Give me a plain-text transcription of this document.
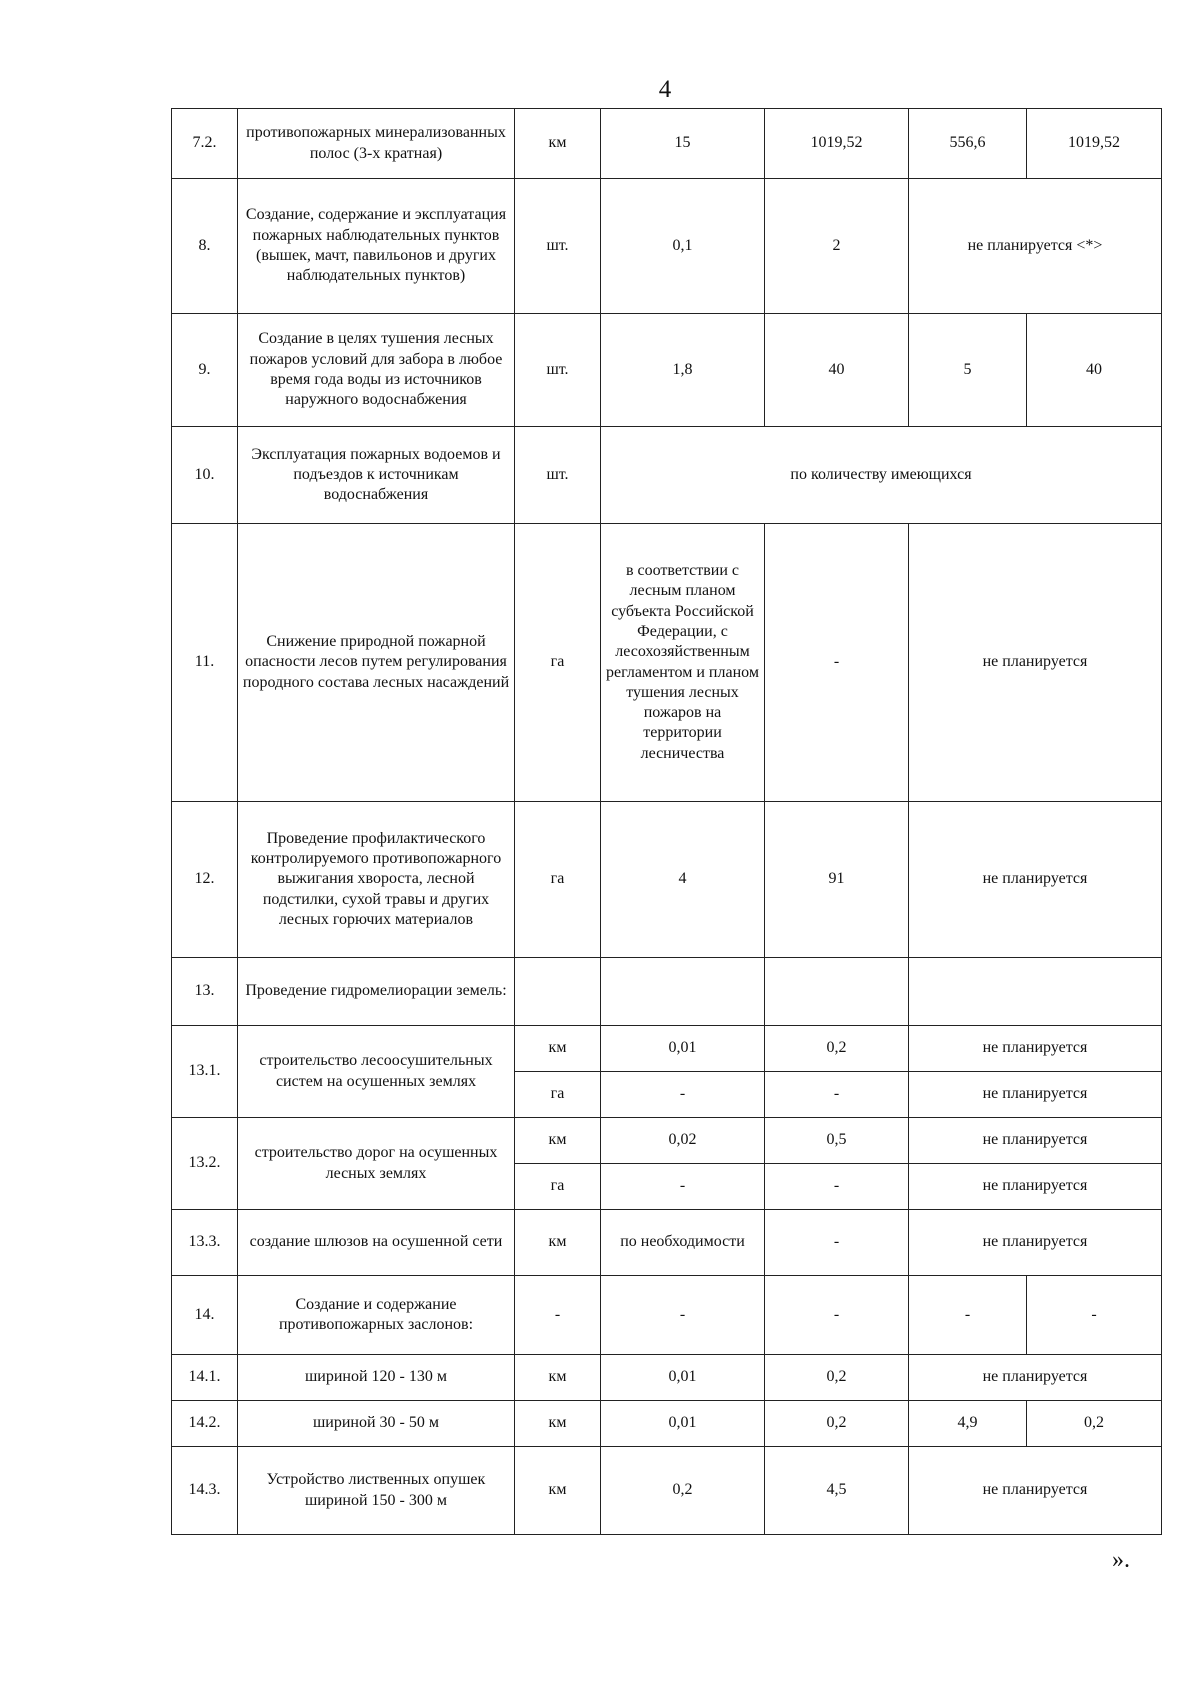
4
7.2.	противопожарных минерализованных полос (3-х кратная)	км	15	1019,52	556,6	1019,52
8.	Создание, содержание и эксплуатация пожарных наблюдательных пунктов (вышек, мачт, павильонов и других наблюдательных пунктов)	шт.	0,1	2	не планируется <*>	
9.	Создание в целях тушения лесных пожаров условий для забора в любое время года воды из источников наружного водоснабжения	шт.	1,8	40	5	40
10.	Эксплуатация пожарных водоемов и подъездов к источникам водоснабжения	шт.	по количеству имеющихся			
11.	Снижение природной пожарной опасности лесов путем регулирования породного состава лесных насаждений	га	в соответствии с лесным планом субъекта Российской Федерации, с лесохозяйственным регламентом и планом тушения лесных пожаров на территории лесничества	-	не планируется	
12.	Проведение профилактического контролируемого противопожарного выжигания хвороста, лесной подстилки, сухой травы и других лесных горючих материалов	га	4	91	не планируется	
13.	Проведение гидромелиорации земель:					
13.1.	строительство лесоосушительных систем на осушенных землях	км	0,01	0,2	не планируется	
		га	-	-	не планируется	
13.2.	строительство дорог на осушенных лесных землях	км	0,02	0,5	не планируется	
		га	-	-	не планируется	
13.3.	создание шлюзов на осушенной сети	км	по необходимости	-	не планируется	
14.	Создание и содержание противопожарных заслонов:	-	-	-	-	-
14.1.	шириной 120 - 130 м	км	0,01	0,2	не планируется	
14.2.	шириной 30 - 50 м	км	0,01	0,2	4,9	0,2
14.3.	Устройство лиственных опушек шириной 150 - 300 м	км	0,2	4,5	не планируется	
».
